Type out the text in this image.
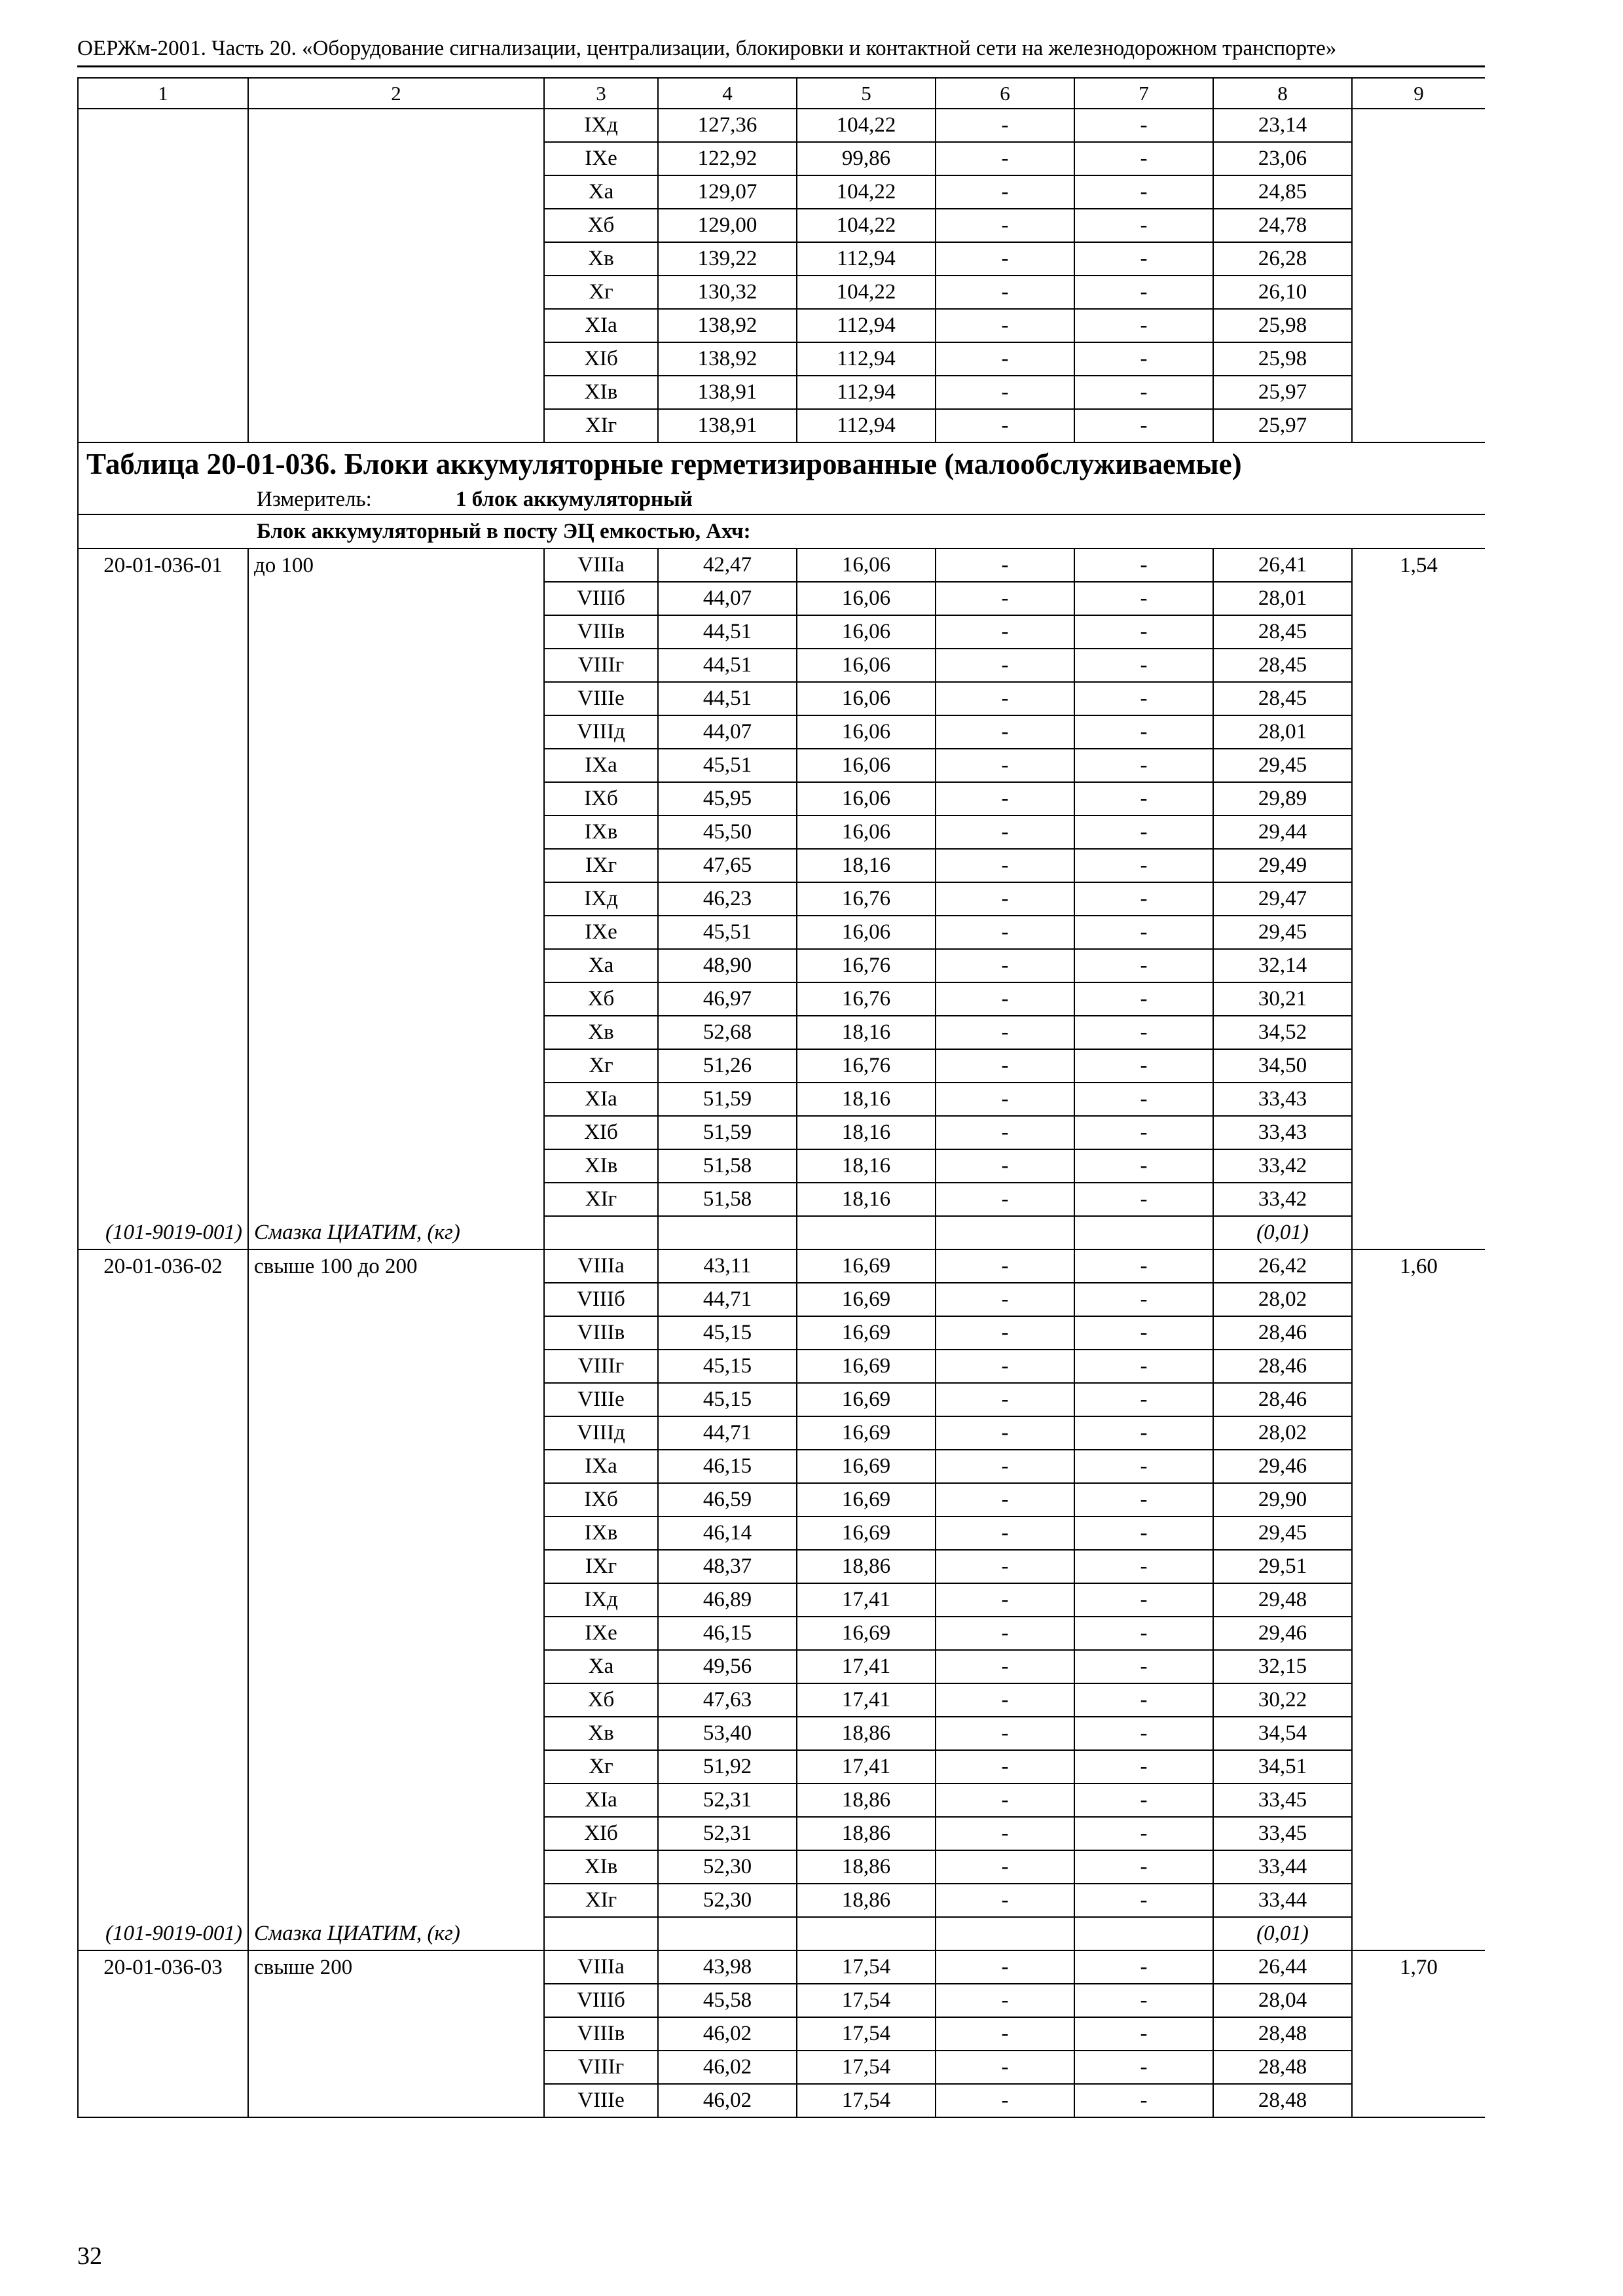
ОЕРЖм-2001. Часть 20. «Оборудование сигнализации, централизации, блокировки и контактной сети на железнодорожном транспорте»
1	2	3	4	5	6	7	8	9
		IXд	127,36	104,22	-	-	23,14	
		IXе	122,92	99,86	-	-	23,06	
		Xа	129,07	104,22	-	-	24,85	
		Xб	129,00	104,22	-	-	24,78	
		Xв	139,22	112,94	-	-	26,28	
		Xг	130,32	104,22	-	-	26,10	
		XIа	138,92	112,94	-	-	25,98	
		XIб	138,92	112,94	-	-	25,98	
		XIв	138,91	112,94	-	-	25,97	
		XIг	138,91	112,94	-	-	25,97	
Таблица 20-01-036. Блоки аккумуляторные герметизированные (малообслуживаемые)								
Измеритель: 1 блок аккумуляторный								
Блок аккумуляторный в посту ЭЦ емкостью, Ахч:								
20-01-036-01	до 100	VIIIа	42,47	16,06	-	-	26,41	1,54
		VIIIб	44,07	16,06	-	-	28,01	
		VIIIв	44,51	16,06	-	-	28,45	
		VIIIг	44,51	16,06	-	-	28,45	
		VIIIе	44,51	16,06	-	-	28,45	
		VIIIд	44,07	16,06	-	-	28,01	
		IXа	45,51	16,06	-	-	29,45	
		IXб	45,95	16,06	-	-	29,89	
		IXв	45,50	16,06	-	-	29,44	
		IXг	47,65	18,16	-	-	29,49	
		IXд	46,23	16,76	-	-	29,47	
		IXе	45,51	16,06	-	-	29,45	
		Xа	48,90	16,76	-	-	32,14	
		Xб	46,97	16,76	-	-	30,21	
		Xв	52,68	18,16	-	-	34,52	
		Xг	51,26	16,76	-	-	34,50	
		XIа	51,59	18,16	-	-	33,43	
		XIб	51,59	18,16	-	-	33,43	
		XIв	51,58	18,16	-	-	33,42	
		XIг	51,58	18,16	-	-	33,42	
(101-9019-001)	Смазка ЦИАТИМ, (кг)						(0,01)	
20-01-036-02	свыше 100 до 200	VIIIа	43,11	16,69	-	-	26,42	1,60
		VIIIб	44,71	16,69	-	-	28,02	
		VIIIв	45,15	16,69	-	-	28,46	
		VIIIг	45,15	16,69	-	-	28,46	
		VIIIе	45,15	16,69	-	-	28,46	
		VIIIд	44,71	16,69	-	-	28,02	
		IXа	46,15	16,69	-	-	29,46	
		IXб	46,59	16,69	-	-	29,90	
		IXв	46,14	16,69	-	-	29,45	
		IXг	48,37	18,86	-	-	29,51	
		IXд	46,89	17,41	-	-	29,48	
		IXе	46,15	16,69	-	-	29,46	
		Xа	49,56	17,41	-	-	32,15	
		Xб	47,63	17,41	-	-	30,22	
		Xв	53,40	18,86	-	-	34,54	
		Xг	51,92	17,41	-	-	34,51	
		XIа	52,31	18,86	-	-	33,45	
		XIб	52,31	18,86	-	-	33,45	
		XIв	52,30	18,86	-	-	33,44	
		XIг	52,30	18,86	-	-	33,44	
(101-9019-001)	Смазка ЦИАТИМ, (кг)						(0,01)	
20-01-036-03	свыше 200	VIIIа	43,98	17,54	-	-	26,44	1,70
		VIIIб	45,58	17,54	-	-	28,04	
		VIIIв	46,02	17,54	-	-	28,48	
		VIIIг	46,02	17,54	-	-	28,48	
		VIIIе	46,02	17,54	-	-	28,48	
32
